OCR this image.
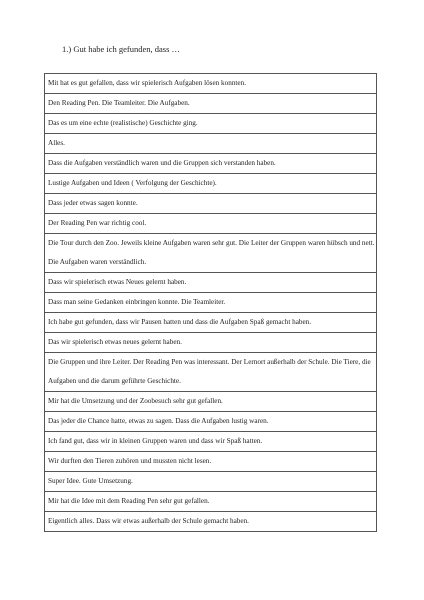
1.) Gut habe ich gefunden, dass …
Mit hat es gut gefallen, dass wir spielerisch Aufgaben lösen konnten.
Den Reading Pen. Die Teamleiter. Die Aufgaben.
Das es um eine echte (realistische) Geschichte ging.
Alles.
Dass die Aufgaben verständlich waren und die Gruppen sich verstanden haben.
Lustige Aufgaben und Ideen ( Verfolgung der Geschichte).
Dass jeder etwas sagen konnte.
Der Reading Pen war richtig cool.
Die Tour durch den Zoo. Jeweils kleine Aufgaben waren sehr gut. Die Leiter der Gruppen waren hübsch und nett. Die Aufgaben waren verständlich.
Dass wir spielerisch etwas Neues gelernt haben.
Dass man seine Gedanken einbringen konnte. Die Teamleiter.
Ich habe gut gefunden, dass wir Pausen hatten und dass die Aufgaben Spaß gemacht haben.
Das wir spielerisch etwas neues gelernt haben.
Die Gruppen und ihre Leiter. Der Reading Pen was interessant. Der Lernort außerhalb der Schule. Die Tiere, die Aufgaben und die darum geführte Geschichte.
Mir hat die Umsetzung und der Zoobesuch sehr gut gefallen.
Das jeder die Chance hatte, etwas zu sagen. Dass die Aufgaben lustig waren.
Ich fand gut, dass wir in kleinen Gruppen waren und dass wir Spaß hatten.
Wir durften den Tieren zuhören und mussten nicht lesen.
Super Idee. Gute Umsetzung.
Mir hat die Idee mit dem Reading Pen sehr gut gefallen.
Eigentlich alles. Dass wir etwas außerhalb der Schule gemacht haben.
